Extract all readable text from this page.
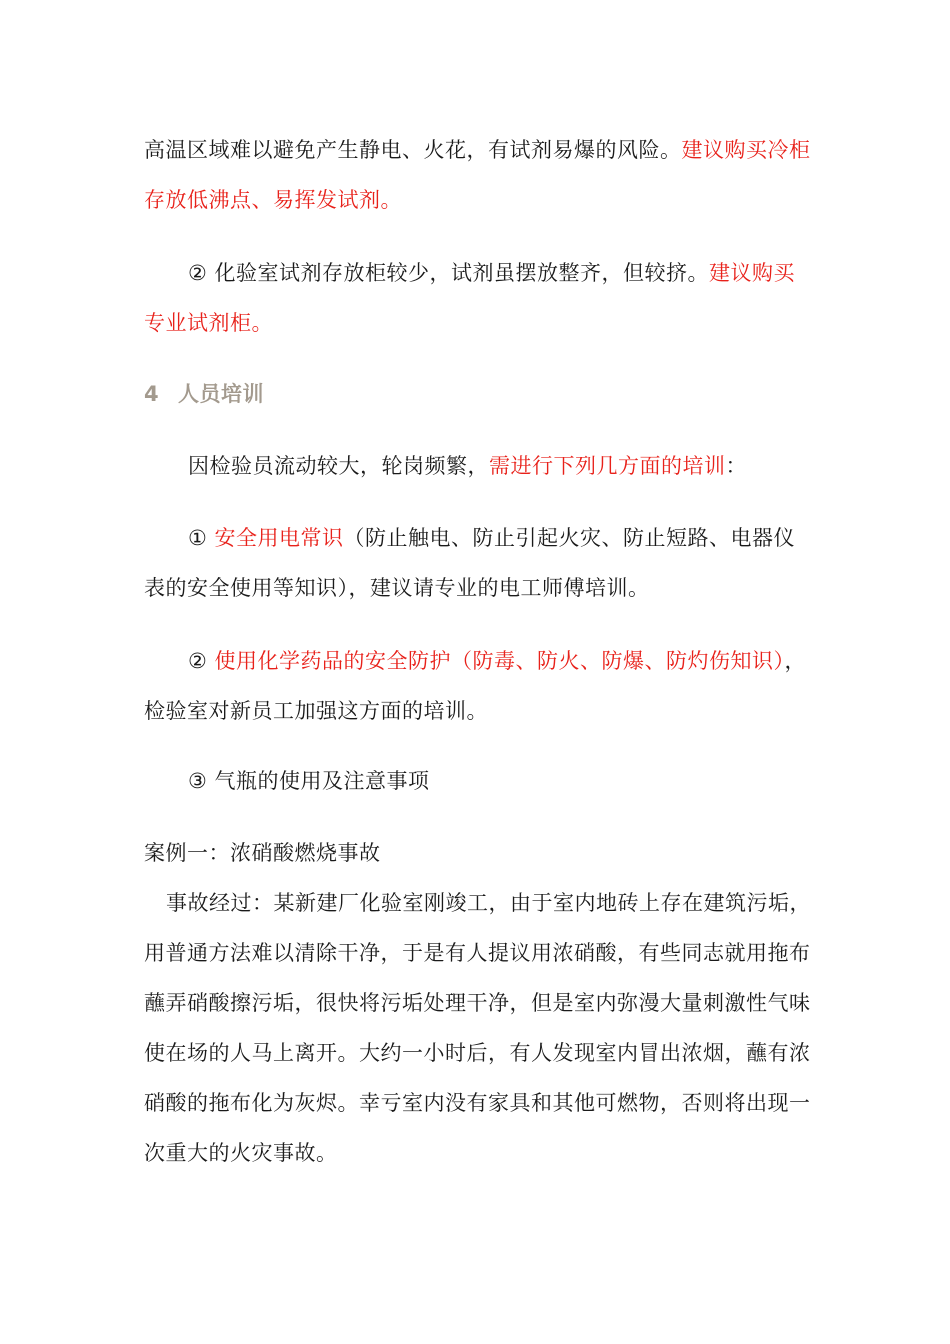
高温区域难以避免产生静电、火花，有试剂易爆的风险。建议购买冷柜存放低沸点、易挥发试剂。

② 化验室试剂存放柜较少，试剂虽摆放整齐，但较挤。建议购买专业试剂柜。

4 人员培训

因检验员流动较大，轮岗频繁，需进行下列几方面的培训：

① 安全用电常识（防止触电、防止引起火灾、防止短路、电器仪表的安全使用等知识），建议请专业的电工师傅培训。

② 使用化学药品的安全防护（防毒、防火、防爆、防灼伤知识），检验室对新员工加强这方面的培训。

③ 气瓶的使用及注意事项

案例一：浓硝酸燃烧事故

事故经过：某新建厂化验室刚竣工，由于室内地砖上存在建筑污垢，用普通方法难以清除干净，于是有人提议用浓硝酸，有些同志就用拖布蘸弄硝酸擦污垢，很快将污垢处理干净，但是室内弥漫大量刺激性气味使在场的人马上离开。大约一小时后，有人发现室内冒出浓烟，蘸有浓硝酸的拖布化为灰烬。幸亏室内没有家具和其他可燃物，否则将出现一次重大的火灾事故。
